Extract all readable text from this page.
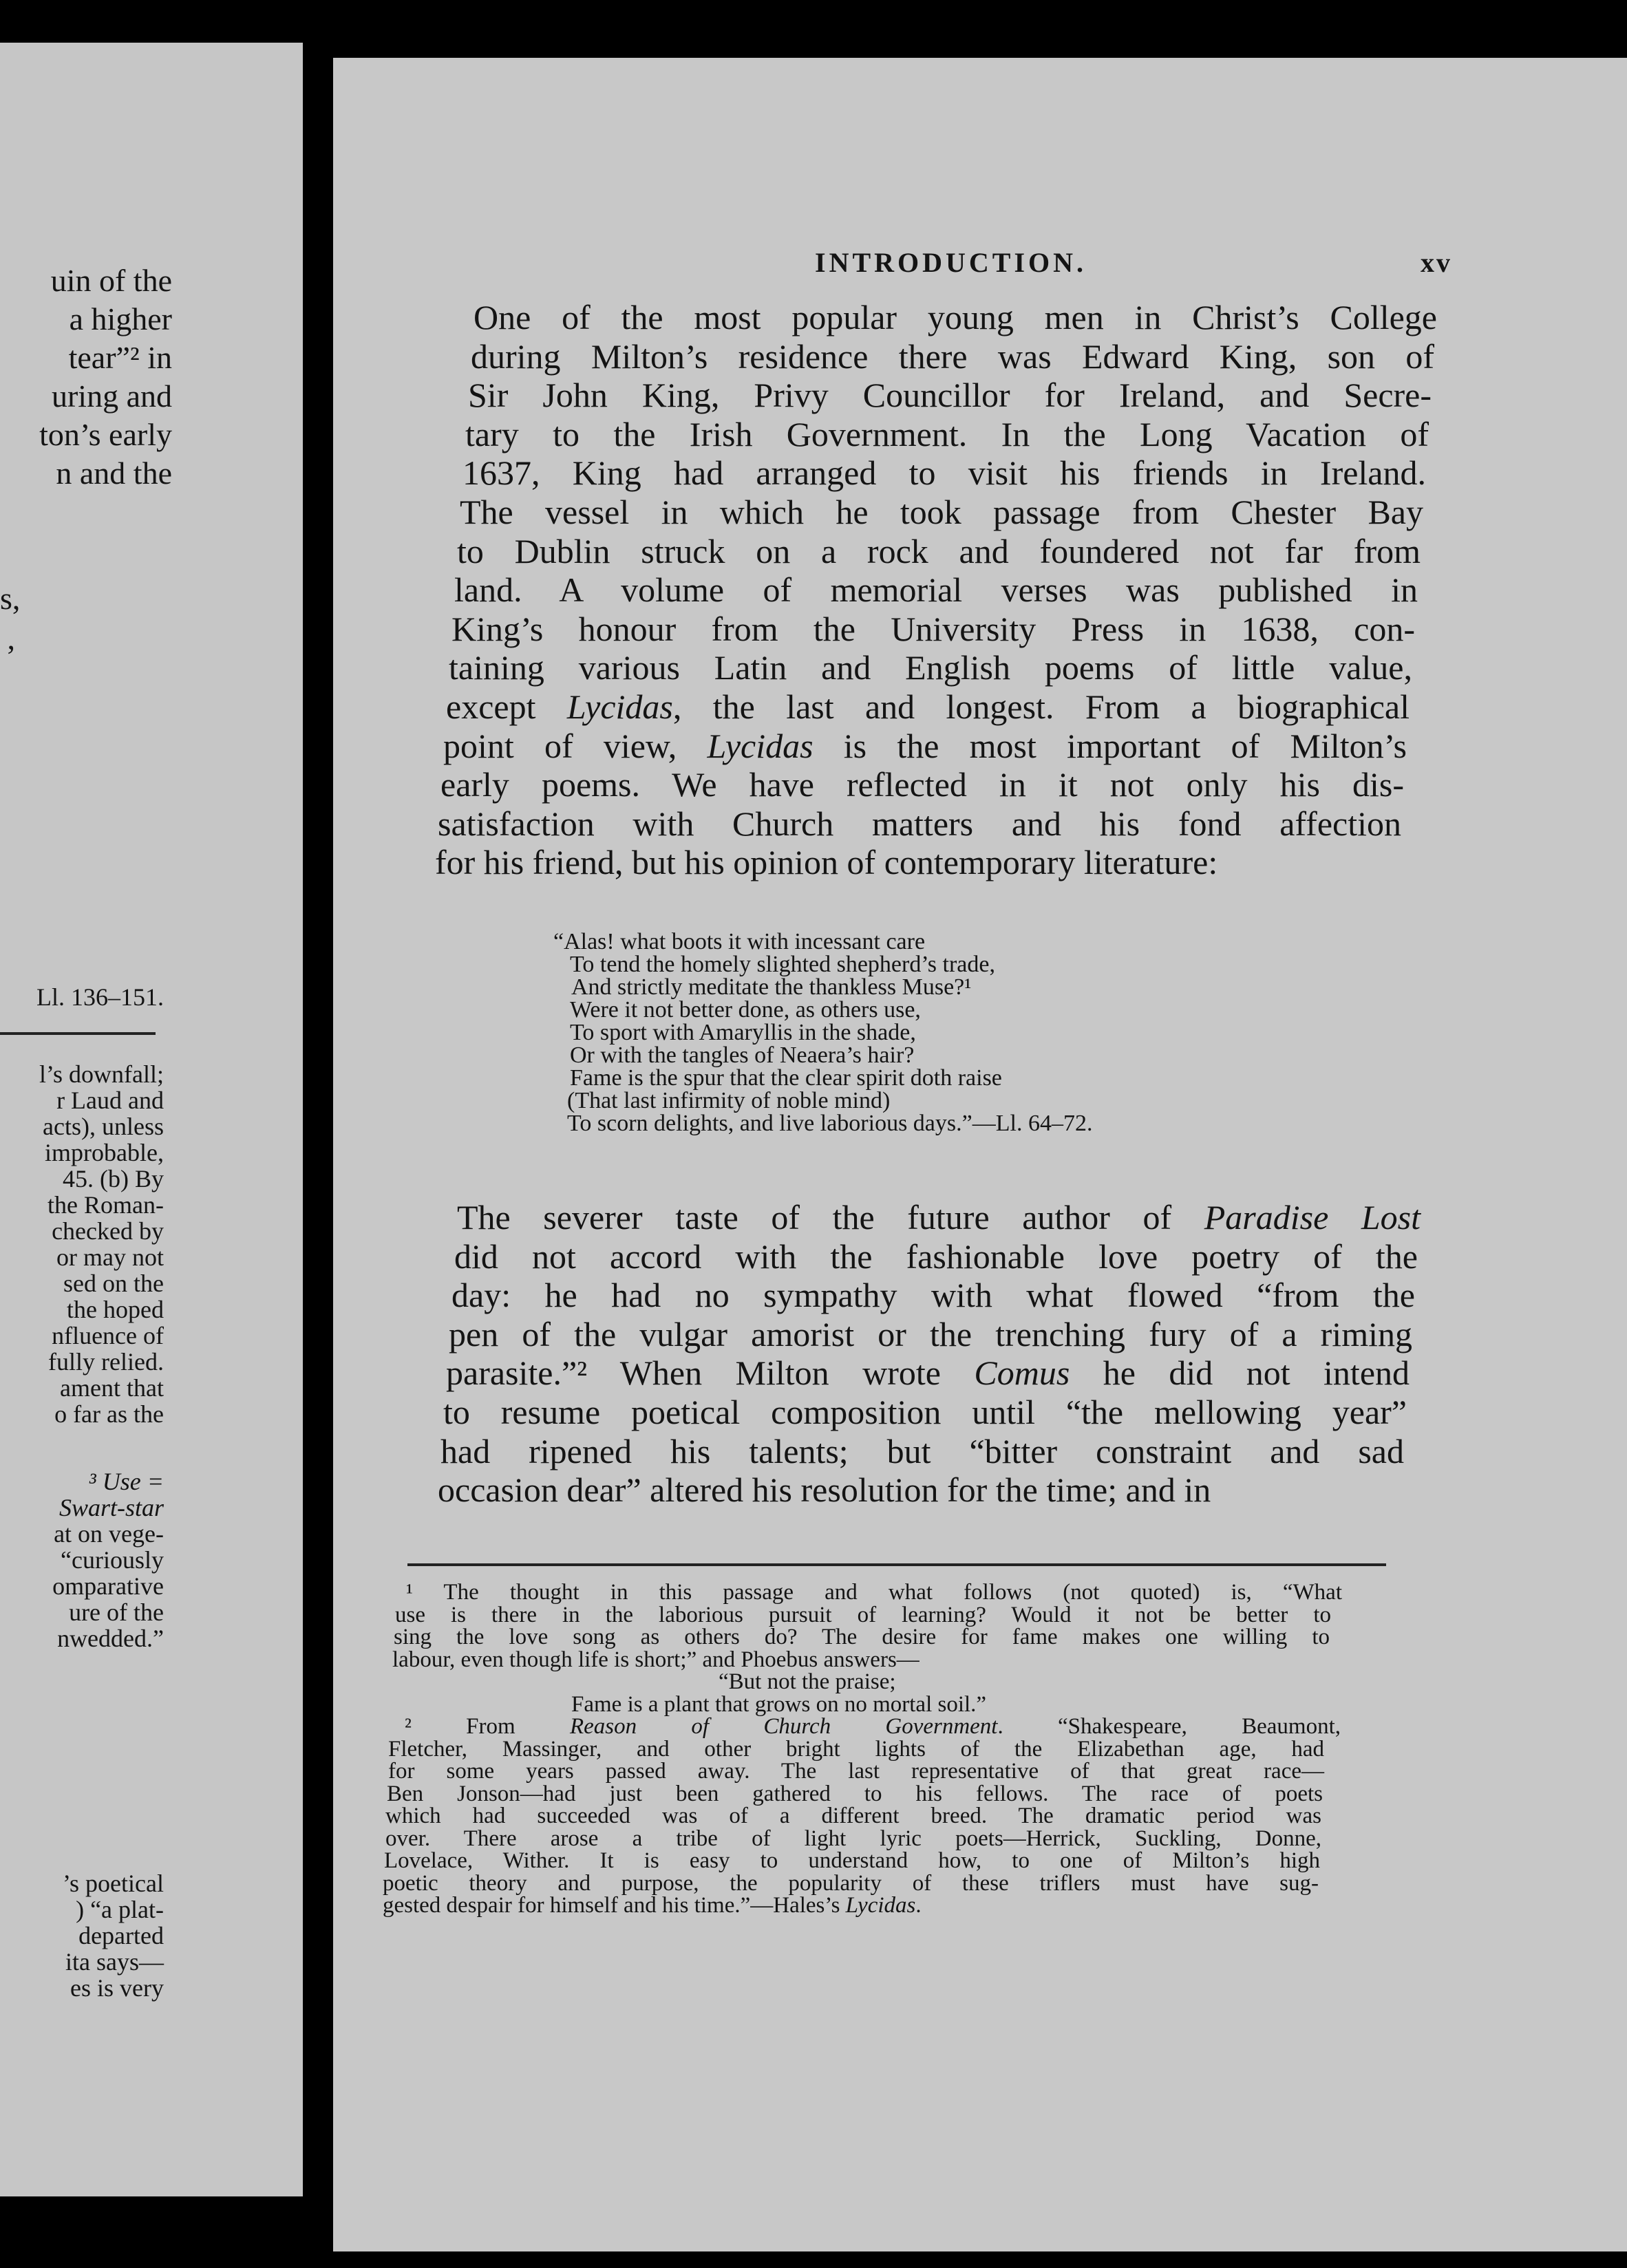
uin of the
a higher
tear”² in
uring and
ton’s early
n and the
s,
,
Ll. 136–151.
l’s downfall;
r Laud and
acts), unless
improbable,
45. (b) By
the Roman-
checked by
or may not
sed on the
the hoped
nfluence of
fully relied.
ament that
o far as the
³ Use =
Swart-star
at on vege-
“curiously
omparative
ure of the
nwedded.”
’s poetical
) “a plat-
departed
ita says—
es is very
INTRODUCTION.	xv
One of the most popular young men in Christ’s College
during Milton’s residence there was Edward King, son of
Sir John King, Privy Councillor for Ireland, and Secre-
tary to the Irish Government. In the Long Vacation of
1637, King had arranged to visit his friends in Ireland.
The vessel in which he took passage from Chester Bay
to Dublin struck on a rock and foundered not far from
land. A volume of memorial verses was published in
King’s honour from the University Press in 1638, con-
taining various Latin and English poems of little value,
except Lycidas, the last and longest. From a biographical
point of view, Lycidas is the most important of Milton’s
early poems. We have reflected in it not only his dis-
satisfaction with Church matters and his fond affection
for his friend, but his opinion of contemporary literature:
“Alas! what boots it with incessant care
To tend the homely slighted shepherd’s trade,
And strictly meditate the thankless Muse?¹
Were it not better done, as others use,
To sport with Amaryllis in the shade,
Or with the tangles of Neaera’s hair?
Fame is the spur that the clear spirit doth raise
(That last infirmity of noble mind)
To scorn delights, and live laborious days.”—Ll. 64–72.
The severer taste of the future author of Paradise Lost
did not accord with the fashionable love poetry of the
day: he had no sympathy with what flowed “from the
pen of the vulgar amorist or the trenching fury of a riming
parasite.”² When Milton wrote Comus he did not intend
to resume poetical composition until “the mellowing year”
had ripened his talents; but “bitter constraint and sad
occasion dear” altered his resolution for the time; and in
¹ The thought in this passage and what follows (not quoted) is, “What
use is there in the laborious pursuit of learning? Would it not be better to
sing the love song as others do? The desire for fame makes one willing to
labour, even though life is short;” and Phoebus answers—
“But not the praise;
Fame is a plant that grows on no mortal soil.”
² From Reason of Church Government. “Shakespeare, Beaumont,
Fletcher, Massinger, and other bright lights of the Elizabethan age, had
for some years passed away. The last representative of that great race—
Ben Jonson—had just been gathered to his fellows. The race of poets
which had succeeded was of a different breed. The dramatic period was
over. There arose a tribe of light lyric poets—Herrick, Suckling, Donne,
Lovelace, Wither. It is easy to understand how, to one of Milton’s high
poetic theory and purpose, the popularity of these triflers must have sug-
gested despair for himself and his time.”—Hales’s Lycidas.
